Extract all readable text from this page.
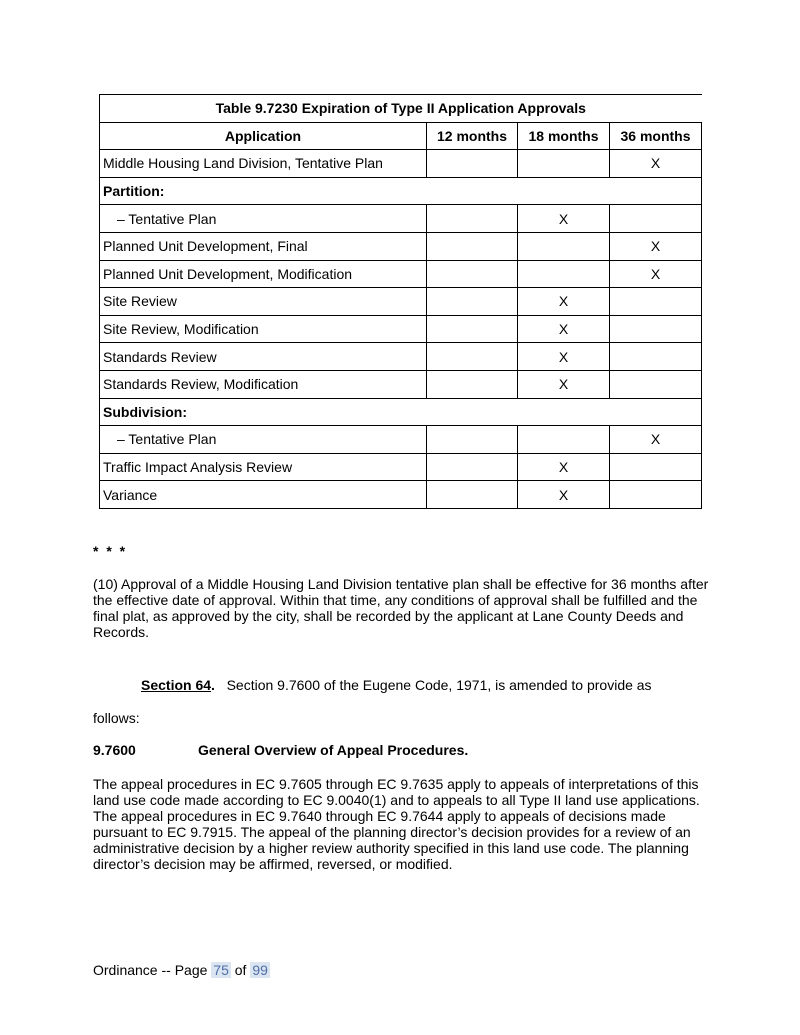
Table 9.7230 Expiration of Type II Application Approvals			
Application	12 months	18 months	36 months
Middle Housing Land Division, Tentative Plan			X
Partition:			
– Tentative Plan		X	
Planned Unit Development, Final			X
Planned Unit Development, Modification			X
Site Review		X	
Site Review, Modification		X	
Standards Review		X	
Standards Review, Modification		X	
Subdivision:			
– Tentative Plan			X
Traffic Impact Analysis Review		X	
Variance		X	
* * *
(10) Approval of a Middle Housing Land Division tentative plan shall be effective for 36 months after the effective date of approval. Within that time, any conditions of approval shall be fulfilled and the final plat, as approved by the city, shall be recorded by the applicant at Lane County Deeds and Records.
Section 64.   Section 9.7600 of the Eugene Code, 1971, is amended to provide as
follows:
9.7600	General Overview of Appeal Procedures.
The appeal procedures in EC 9.7605 through EC 9.7635 apply to appeals of interpretations of this land use code made according to EC 9.0040(1) and to appeals to all Type II land use applications. The appeal procedures in EC 9.7640 through EC 9.7644 apply to appeals of decisions made pursuant to EC 9.7915. The appeal of the planning director’s decision provides for a review of an administrative decision by a higher review authority specified in this land use code. The planning director’s decision may be affirmed, reversed, or modified.
Ordinance -- Page 75 of 99
